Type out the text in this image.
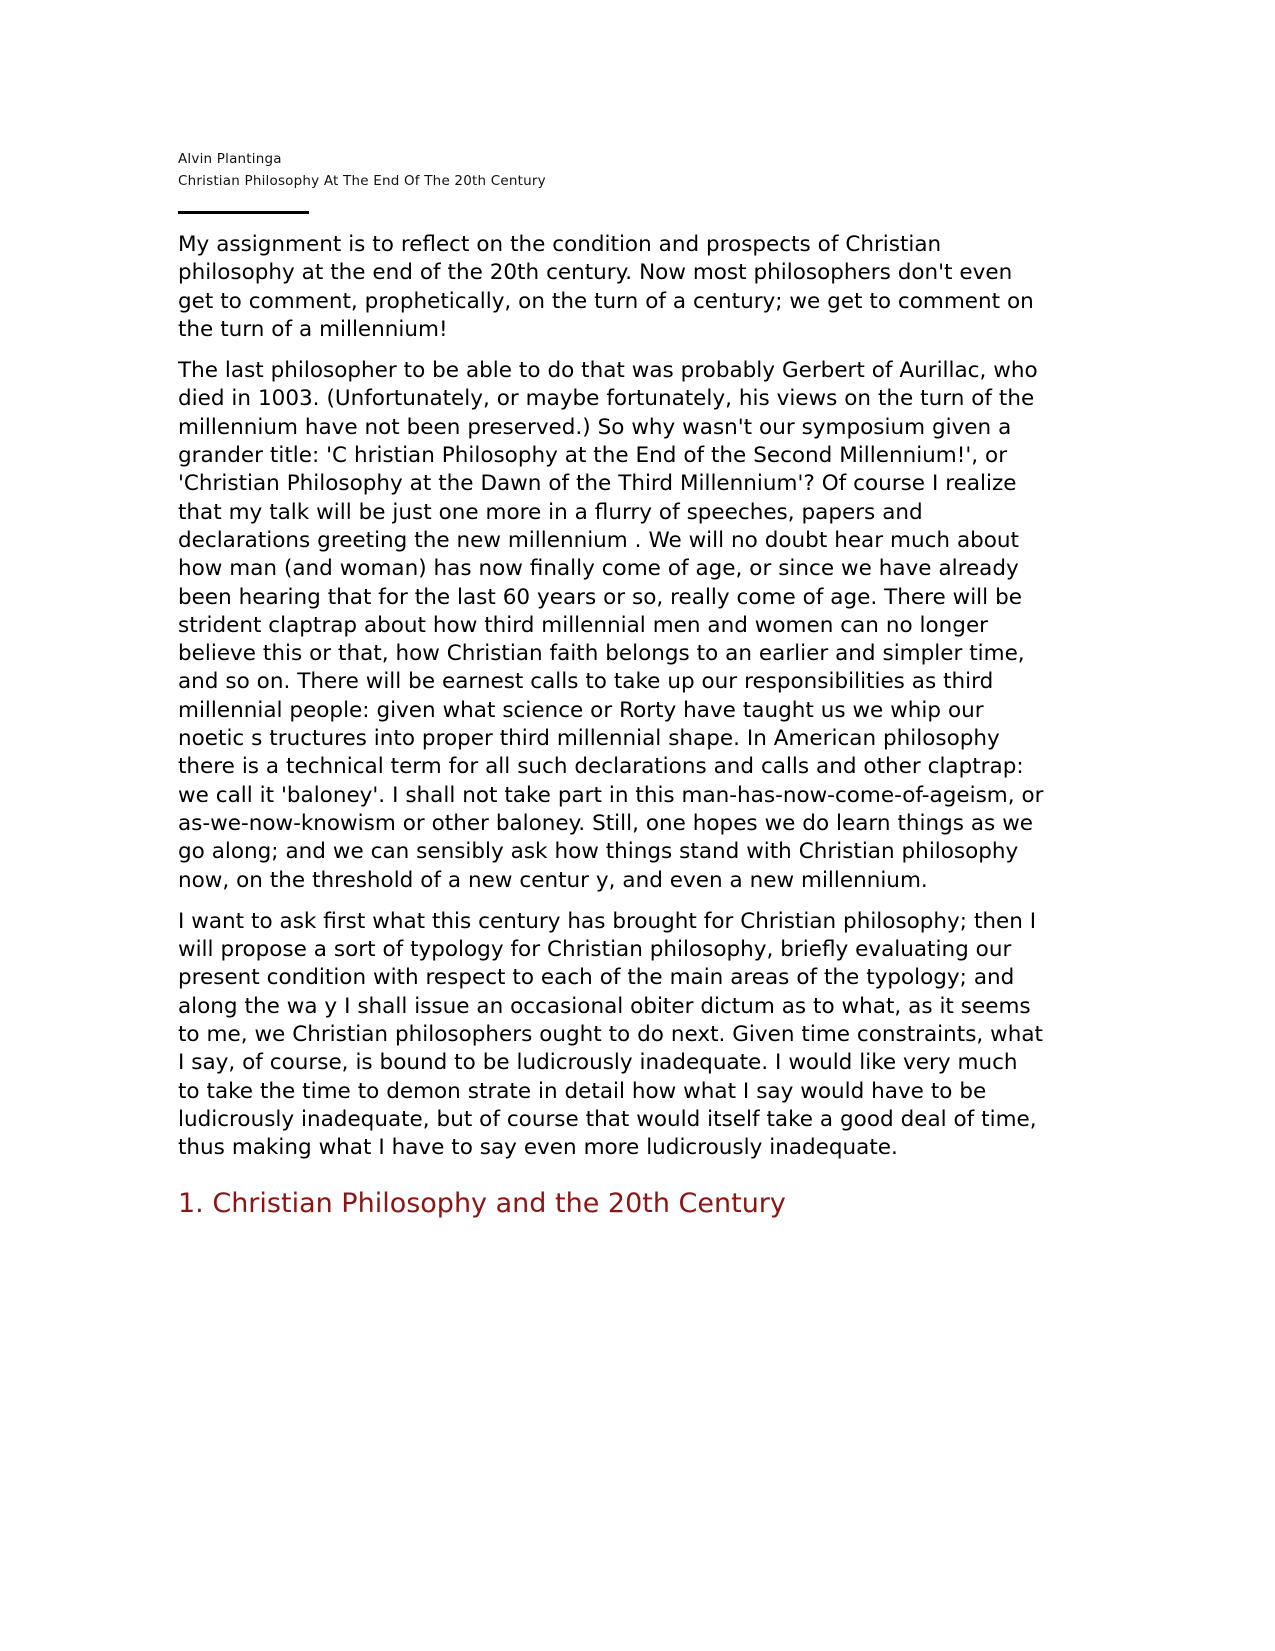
Alvin Plantinga
Christian Philosophy At The End Of The 20th Century

My assignment is to reflect on the condition and prospects of Christian philosophy at the end of the 20th century. Now most philosophers don't even get to comment, prophetically, on the turn of a century; we get to comment on the turn of a millennium!

The last philosopher to be able to do that was probably Gerbert of Aurillac, who died in 1003. (Unfortunately, or maybe fortunately, his views on the turn of the millennium have not been preserved.) So why wasn't our symposium given a grander title: 'C hristian Philosophy at the End of the Second Millennium!', or 'Christian Philosophy at the Dawn of the Third Millennium'? Of course I realize that my talk will be just one more in a flurry of speeches, papers and declarations greeting the new millennium . We will no doubt hear much about how man (and woman) has now finally come of age, or since we have already been hearing that for the last 60 years or so, really come of age. There will be strident claptrap about how third millennial men and women can no longer believe this or that, how Christian faith belongs to an earlier and simpler time, and so on. There will be earnest calls to take up our responsibilities as third millennial people: given what science or Rorty have taught us we whip our noetic s tructures into proper third millennial shape. In American philosophy there is a technical term for all such declarations and calls and other claptrap: we call it 'baloney'. I shall not take part in this man-has-now-come-of-ageism, or as-we-now-knowism or other baloney. Still, one hopes we do learn things as we go along; and we can sensibly ask how things stand with Christian philosophy now, on the threshold of a new centur y, and even a new millennium.

I want to ask first what this century has brought for Christian philosophy; then I will propose a sort of typology for Christian philosophy, briefly evaluating our present condition with respect to each of the main areas of the typology; and along the wa y I shall issue an occasional obiter dictum as to what, as it seems to me, we Christian philosophers ought to do next. Given time constraints, what I say, of course, is bound to be ludicrously inadequate. I would like very much to take the time to demon strate in detail how what I say would have to be ludicrously inadequate, but of course that would itself take a good deal of time, thus making what I have to say even more ludicrously inadequate.

1. Christian Philosophy and the 20th Century
